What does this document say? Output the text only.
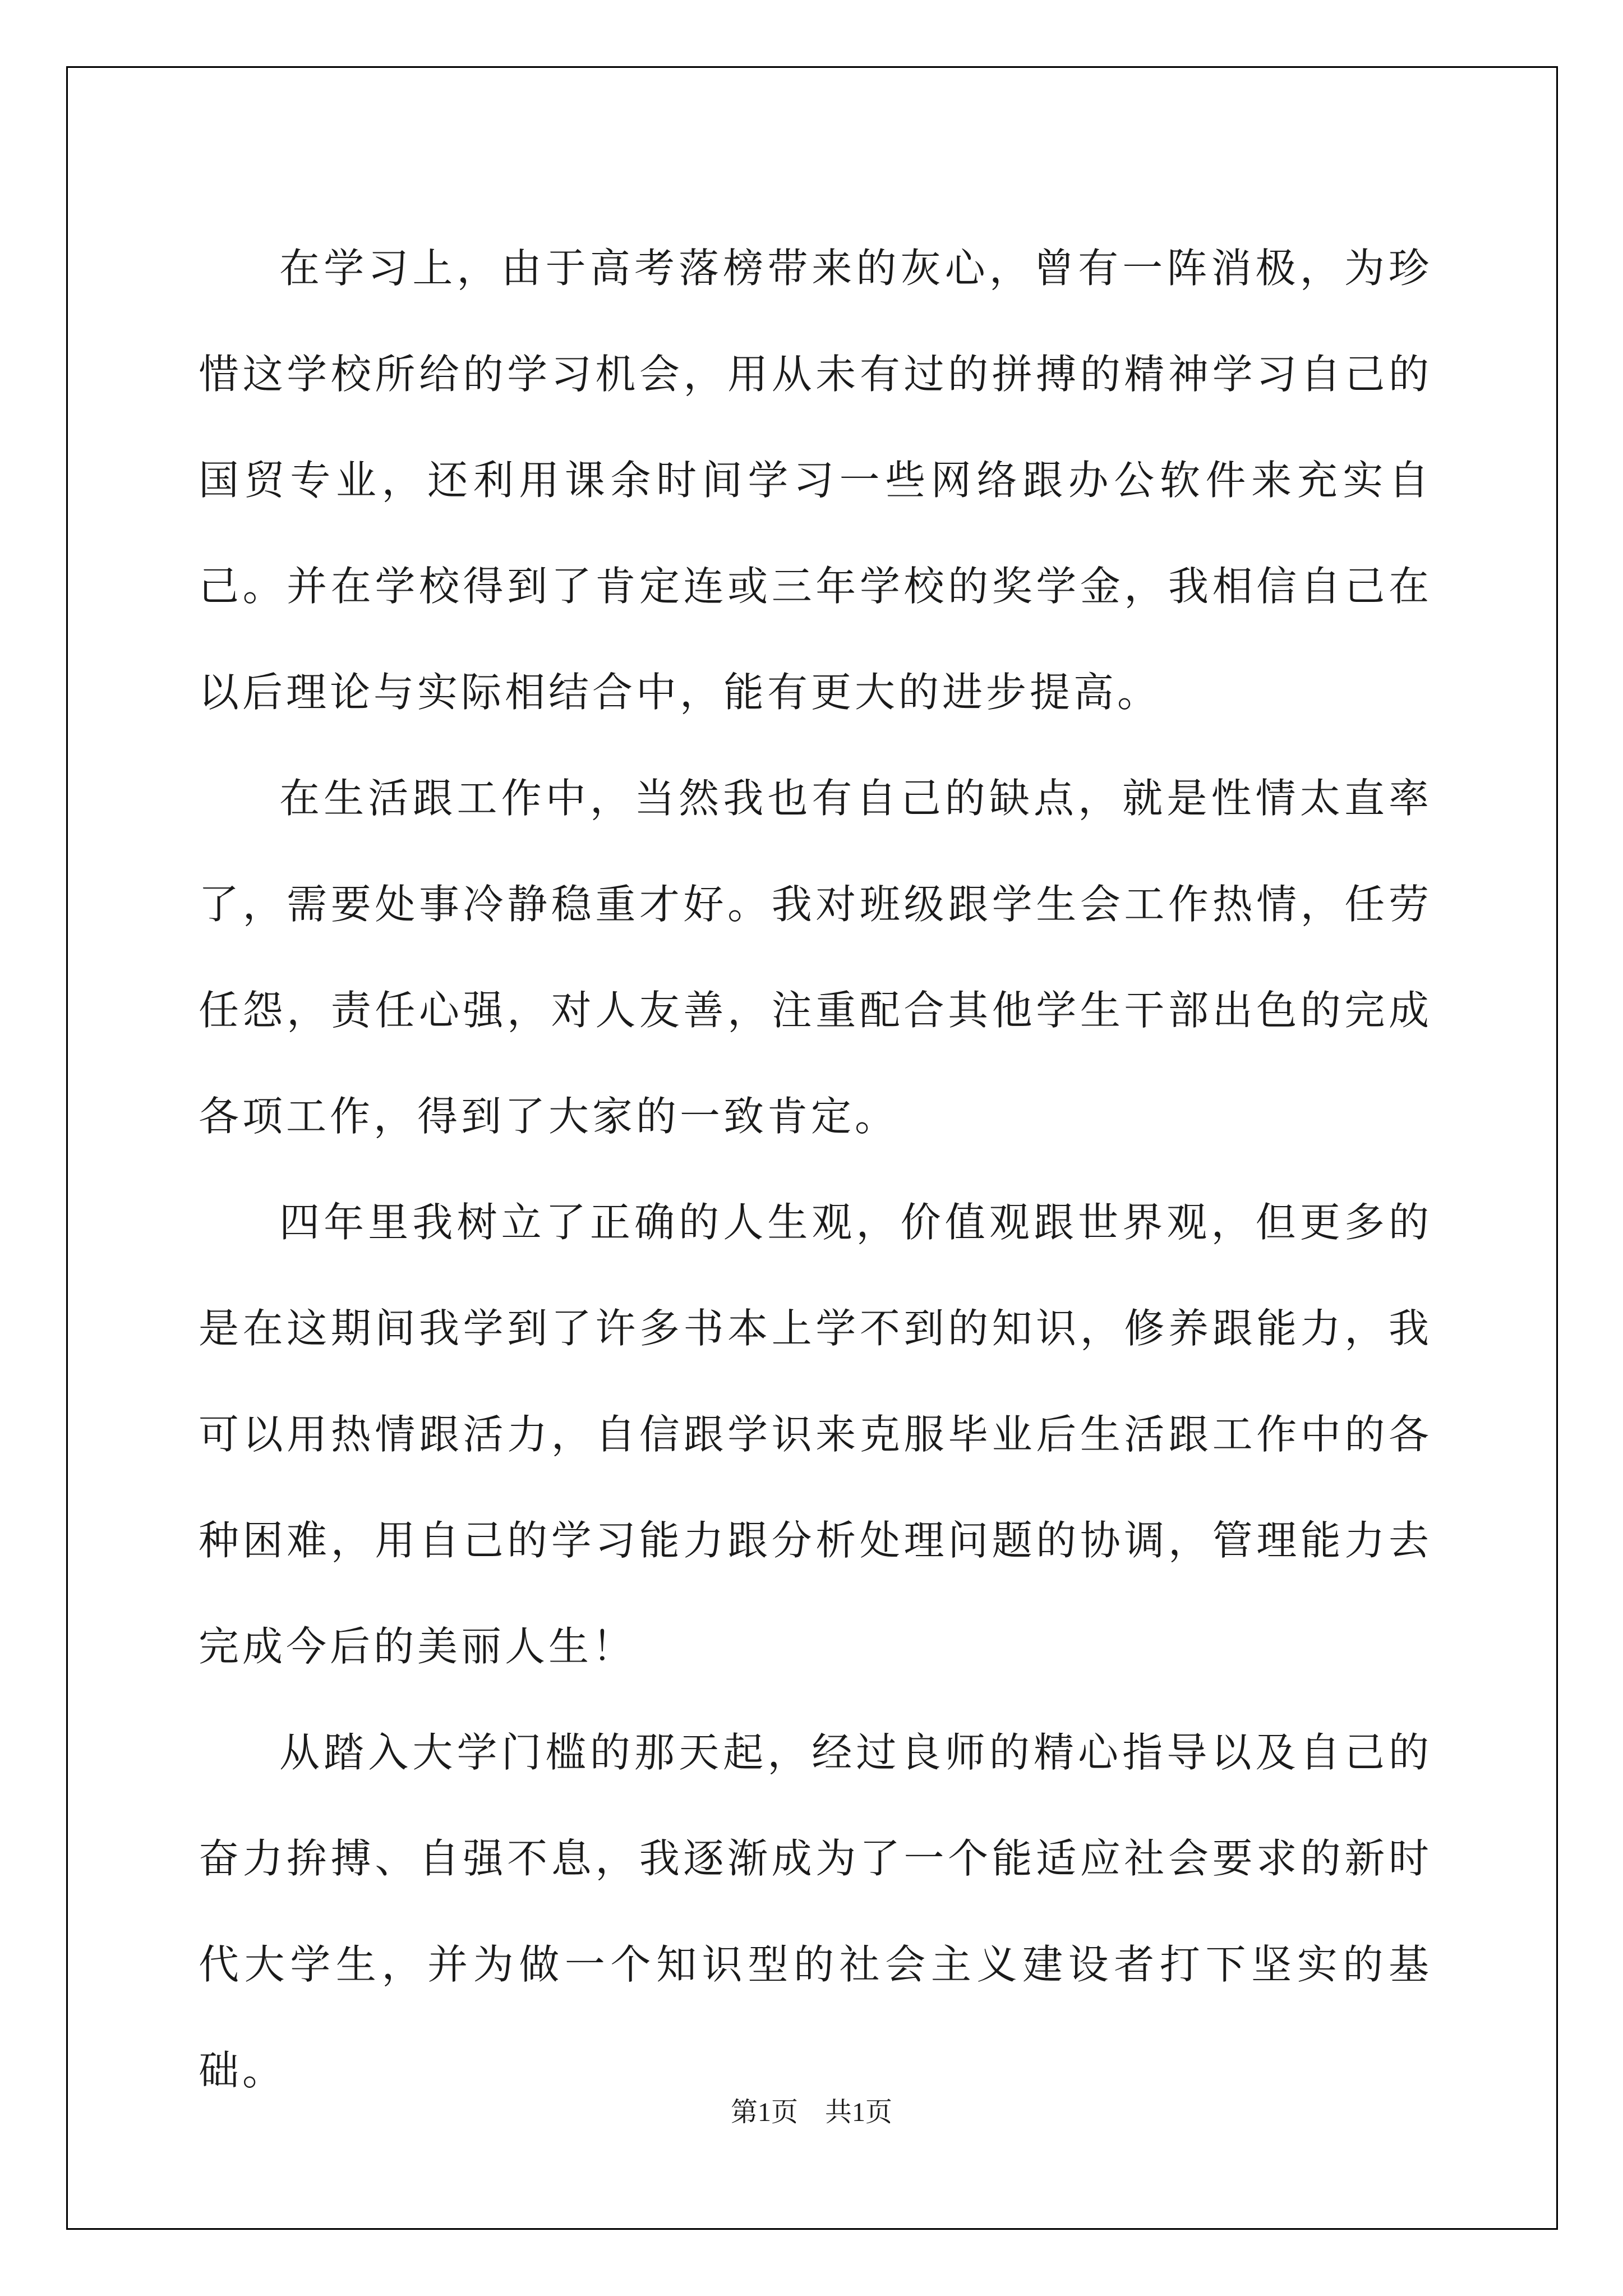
在学习上，由于高考落榜带来的灰心，曾有一阵消极，为珍惜这学校所给的学习机会，用从未有过的拼搏的精神学习自己的国贸专业，还利用课余时间学习一些网络跟办公软件来充实自己。并在学校得到了肯定连或三年学校的奖学金，我相信自己在以后理论与实际相结合中，能有更大的进步提高。

在生活跟工作中，当然我也有自己的缺点，就是性情太直率了，需要处事冷静稳重才好。我对班级跟学生会工作热情，任劳任怨，责任心强，对人友善，注重配合其他学生干部出色的完成各项工作，得到了大家的一致肯定。

四年里我树立了正确的人生观，价值观跟世界观，但更多的是在这期间我学到了许多书本上学不到的知识，修养跟能力，我可以用热情跟活力，自信跟学识来克服毕业后生活跟工作中的各种困难，用自己的学习能力跟分析处理问题的协调，管理能力去完成今后的美丽人生！

从踏入大学门槛的那天起，经过良师的精心指导以及自己的奋力拚搏、自强不息，我逐渐成为了一个能适应社会要求的新时代大学生，并为做一个知识型的社会主义建设者打下坚实的基础。

第1页 共1页
